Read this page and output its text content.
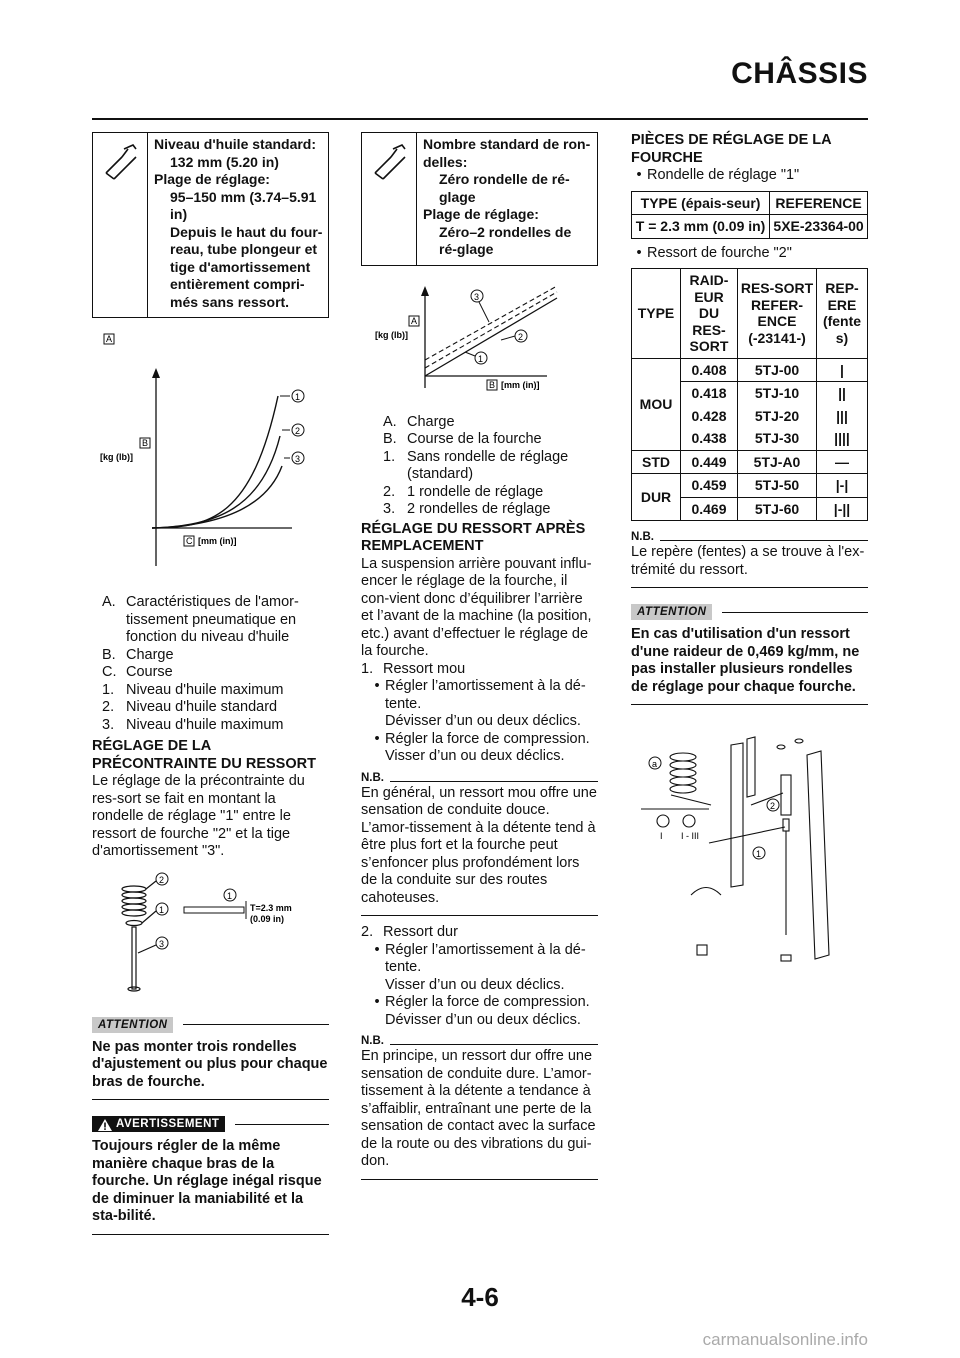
CHÂSSIS
Niveau d'huile standard:
132 mm (5.20 in)
Plage de réglage:
95–150 mm (3.74–5.91 in)
Depuis le haut du four-reau, tube plongeur et tige d'amortissement entièrement compri-més sans ressort.
A
1
2
3
B
[kg (lb)]
C [mm (in)]
A. Caractéristiques de l'amor-tissement pneumatique en fonction du niveau d'huile
B. Charge
C. Course
1. Niveau d'huile maximum
2. Niveau d'huile standard
3. Niveau d'huile maximum
RÉGLAGE DE LA PRÉCONTRAINTE DU RESSORT

Le réglage de la précontrainte du res-sort se fait en montant la rondelle de réglage "1" entre le ressort de fourche "2" et la tige d'amortissement "3".

2
1
3
1
T=2.3 mm
(0.09 in)
ATTENTION
Ne pas monter trois rondelles d'ajustement ou plus pour chaque bras de fourche.
AVERTISSEMENT
Toujours régler de la même manière chaque bras de la fourche. Un réglage inégal risque de diminuer la maniabilité et la sta-bilité.
Nombre standard de ron-delles:
Zéro rondelle de ré-glage
Plage de réglage:
Zéro–2 rondelles de ré-glage
A
[kg (lb)]
3
2
1
B [mm (in)]
A. Charge
B. Course de la fourche
1. Sans rondelle de réglage (standard)
2. 1 rondelle de réglage
3. 2 rondelles de réglage
RÉGLAGE DU RESSORT APRÈS REMPLACEMENT

La suspension arrière pouvant influ-encer le réglage de la fourche, il con-vient donc d’équilibrer l’arrière et l’avant de la machine (la position, etc.) avant d’effectuer le réglage de la fourche.

1. Ressort mou
• Régler l’amortissement à la dé-tente.
Dévisser d’un ou deux déclics.
• Régler la force de compression.
Visser d’un ou deux déclics.
N.B.
En général, un ressort mou offre une sensation de conduite douce. L’amor-tissement à la détente tend à être plus fort et la fourche peut s’enfoncer plus profondément lors de la conduite sur des routes cahoteuses.
2. Ressort dur
• Régler l’amortissement à la dé-tente.
Visser d’un ou deux déclics.
• Régler la force de compression.
Dévisser d’un ou deux déclics.
N.B.
En principe, un ressort dur offre une sensation de conduite dure. L’amor-tissement à la détente a tendance à s’affaiblir, entraînant une perte de la sensation de contact avec la surface de la route ou des vibrations du gui-don.
PIÈCES DE RÉGLAGE DE LA FOURCHE
• Rondelle de réglage "1"
TYPE (épais-seur)	REFERENCE
T = 2.3 mm (0.09 in)	5XE-23364-00
• Ressort de fourche "2"
TYPE	RAID-EUR DU RES-SORT	RES-SORT REFER-ENCE (-23141-)	REP-ERE (fente s)
MOU	0.408	5TJ-00	|
	0.418	5TJ-10	||
	0.428	5TJ-20	|||
	0.438	5TJ-30	||||
STD	0.449	5TJ-A0	—
DUR	0.459	5TJ-50	|-|
	0.469	5TJ-60	|-||
N.B.
Le repère (fentes) a se trouve à l'ex-trémité du ressort.
ATTENTION
En cas d'utilisation d'un ressort d'une raideur de 0,469 kg/mm, ne pas installer plusieurs rondelles de réglage pour chaque fourche.
a
2
1
I I - III
4-6
carmanualsonline.info
